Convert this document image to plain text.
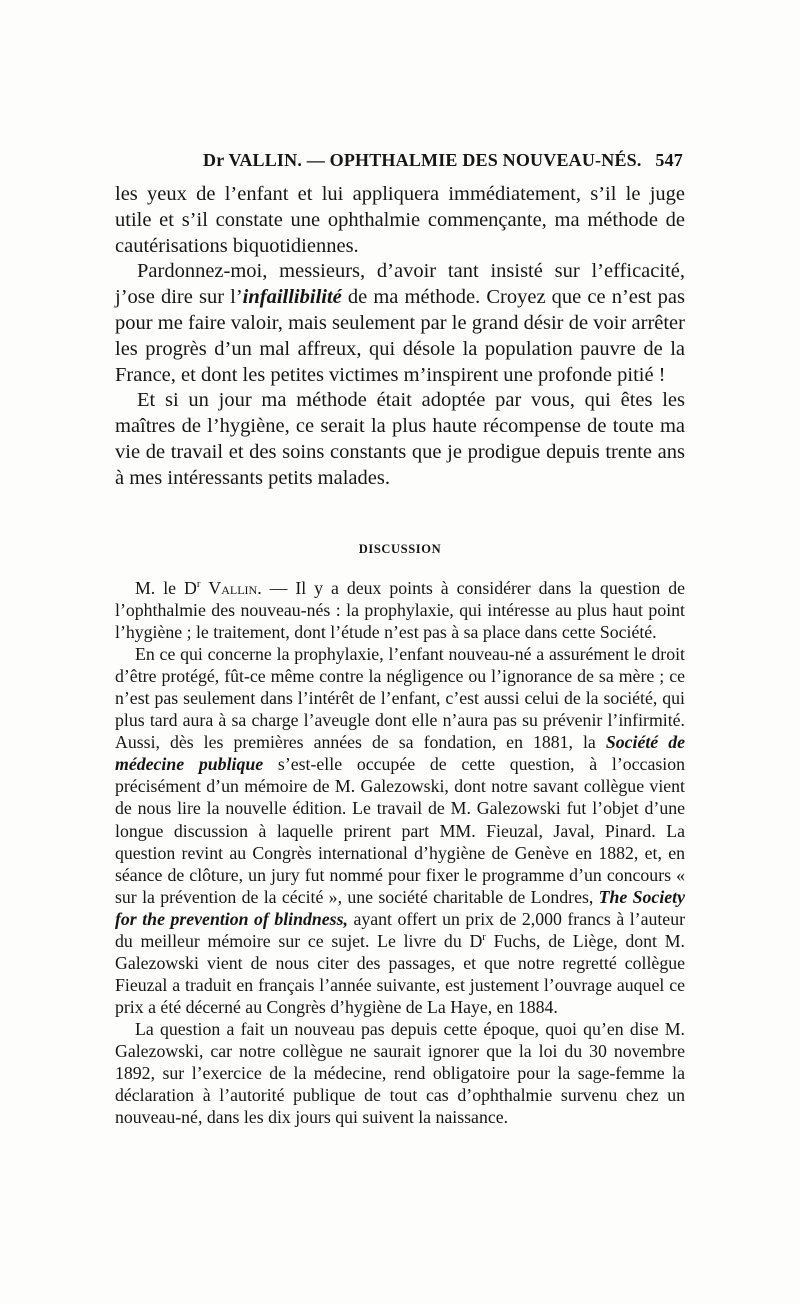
Dr VALLIN. — OPHTHALMIE DES NOUVEAU-NÉS. 547

les yeux de l’enfant et lui appliquera immédiatement, s’il le juge utile et s’il constate une ophthalmie commençante, ma méthode de cautérisations biquotidiennes.

Pardonnez-moi, messieurs, d’avoir tant insisté sur l’efficacité, j’ose dire sur l’infaillibilité de ma méthode. Croyez que ce n’est pas pour me faire valoir, mais seulement par le grand désir de voir arrêter les progrès d’un mal affreux, qui désole la population pauvre de la France, et dont les petites victimes m’inspirent une profonde pitié !

Et si un jour ma méthode était adoptée par vous, qui êtes les maîtres de l’hygiène, ce serait la plus haute récompense de toute ma vie de travail et des soins constants que je prodigue depuis trente ans à mes intéressants petits malades.

DISCUSSION

M. le $D^r$ Vallin. — Il y a deux points à considérer dans la question de l’ophthalmie des nouveau-nés : la prophylaxie, qui intéresse au plus haut point l’hygiène ; le traitement, dont l’étude n’est pas à sa place dans cette Société.

En ce qui concerne la prophylaxie, l’enfant nouveau-né a assurément le droit d’être protégé, fût-ce même contre la négligence ou l’ignorance de sa mère ; ce n’est pas seulement dans l’intérêt de l’enfant, c’est aussi celui de la société, qui plus tard aura à sa charge l’aveugle dont elle n’aura pas su prévenir l’infirmité. Aussi, dès les premières années de sa fondation, en 1881, la Société de médecine publique s’est-elle occupée de cette question, à l’occasion précisément d’un mémoire de M. Galezowski, dont notre savant collègue vient de nous lire la nouvelle édition. Le travail de M. Galezowski fut l’objet d’une longue discussion à laquelle prirent part MM. Fieuzal, Javal, Pinard. La question revint au Congrès international d’hygiène de Genève en 1882, et, en séance de clôture, un jury fut nommé pour fixer le programme d’un concours « sur la prévention de la cécité », une société charitable de Londres, The Society for the prevention of blindness, ayant offert un prix de 2,000 francs à l’auteur du meilleur mémoire sur ce sujet. Le livre du $D^r$ Fuchs, de Liège, dont M. Galezowski vient de nous citer des passages, et que notre regretté collègue Fieuzal a traduit en français l’année suivante, est justement l’ouvrage auquel ce prix a été décerné au Congrès d’hygiène de La Haye, en 1884.

La question a fait un nouveau pas depuis cette époque, quoi qu’en dise M. Galezowski, car notre collègue ne saurait ignorer que la loi du 30 novembre 1892, sur l’exercice de la médecine, rend obligatoire pour la sage-femme la déclaration à l’autorité publique de tout cas d’ophthalmie survenu chez un nouveau-né, dans les dix jours qui suivent la naissance.
